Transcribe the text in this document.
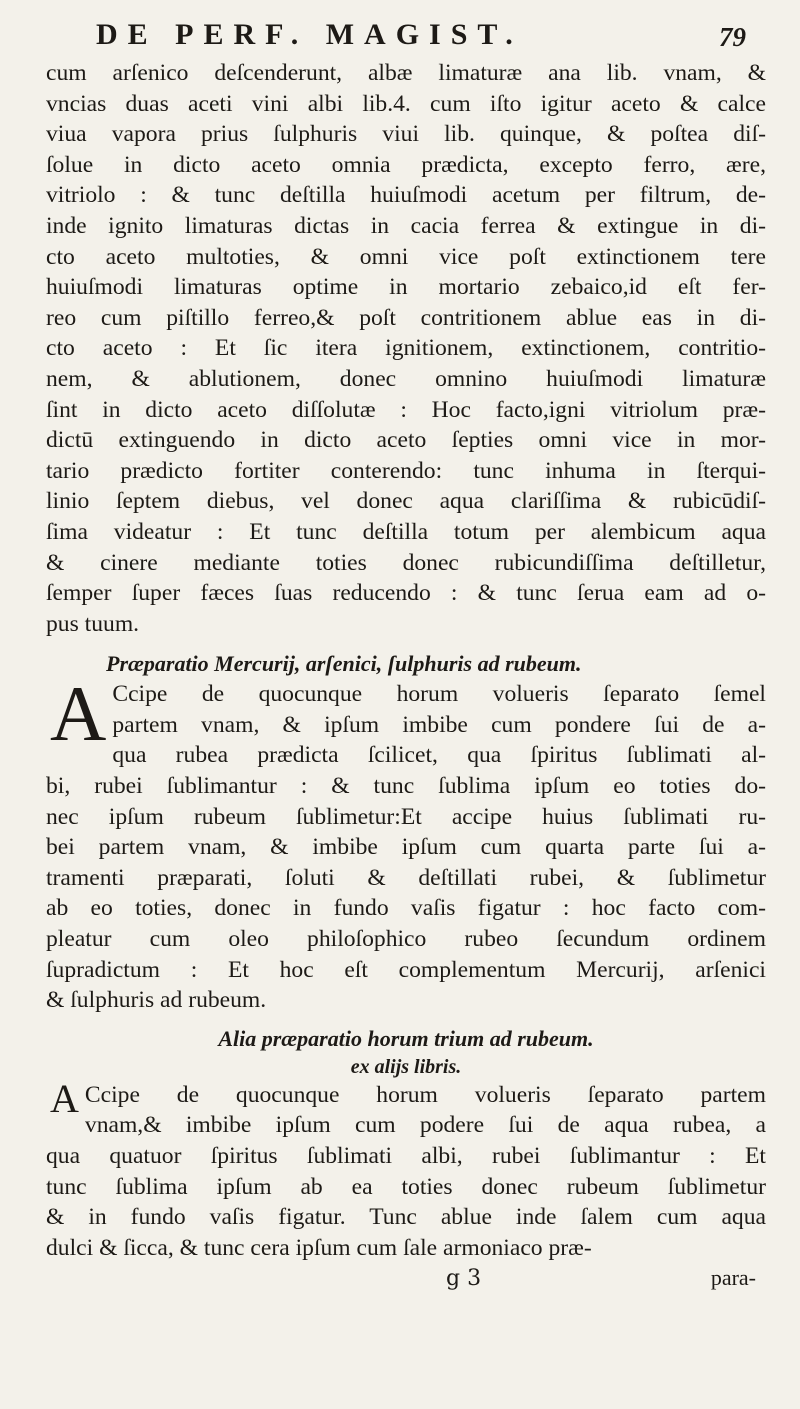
DE PERF. MAGIST.	79
cum arſenico deſcenderunt, albæ limaturæ ana lib. vnam, &
vncias duas aceti vini albi lib.4. cum iſto igitur aceto & calce
viua vapora prius ſulphuris viui lib. quinque, & poſtea diſ-
ſolue in dicto aceto omnia prædicta, excepto ferro, ære,
vitriolo : & tunc deſtilla huiuſmodi acetum per filtrum, de-
inde ignito limaturas dictas in cacia ferrea & extingue in di-
cto aceto multoties, & omni vice poſt extinctionem tere
huiuſmodi limaturas optime in mortario zebaico,id eſt fer-
reo cum piſtillo ferreo,& poſt contritionem ablue eas in di-
cto aceto : Et ſic itera ignitionem, extinctionem, contritio-
nem, & ablutionem, donec omnino huiuſmodi limaturæ
ſint in dicto aceto diſſolutæ : Hoc facto,igni vitriolum præ-
dictū extinguendo in dicto aceto ſepties omni vice in mor-
tario prædicto fortiter conterendo: tunc inhuma in ſterqui-
linio ſeptem diebus, vel donec aqua clariſſima & rubicūdiſ-
ſima videatur : Et tunc deſtilla totum per alembicum aqua
& cinere mediante toties donec rubicundiſſima deſtilletur,
ſemper ſuper fæces ſuas reducendo : & tunc ſerua eam ad o-
pus tuum.
Præparatio Mercurij, arſenici, ſulphuris ad rubeum.
A Ccipe de quocunque horum volueris ſeparato ſemel
partem vnam, & ipſum imbibe cum pondere ſui de a-
qua rubea prædicta ſcilicet, qua ſpiritus ſublimati al-
bi, rubei ſublimantur : & tunc ſublima ipſum eo toties do-
nec ipſum rubeum ſublimetur:Et accipe huius ſublimati ru-
bei partem vnam, & imbibe ipſum cum quarta parte ſui a-
tramenti præparati, ſoluti & deſtillati rubei, & ſublimetur
ab eo toties, donec in fundo vaſis figatur : hoc facto com-
pleatur cum oleo philoſophico rubeo ſecundum ordinem
ſupradictum : Et hoc eſt complementum Mercurij, arſenici
& ſulphuris ad rubeum.
Alia præparatio horum trium ad rubeum.
ex alijs libris.
A Ccipe de quocunque horum volueris ſeparato partem
vnam,& imbibe ipſum cum podere ſui de aqua rubea, a
qua quatuor ſpiritus ſublimati albi, rubei ſublimantur : Et
tunc ſublima ipſum ab ea toties donec rubeum ſublimetur
& in fundo vaſis figatur. Tunc ablue inde ſalem cum aqua
dulci & ſicca, & tunc cera ipſum cum ſale armoniaco præ-
g 3	para-
